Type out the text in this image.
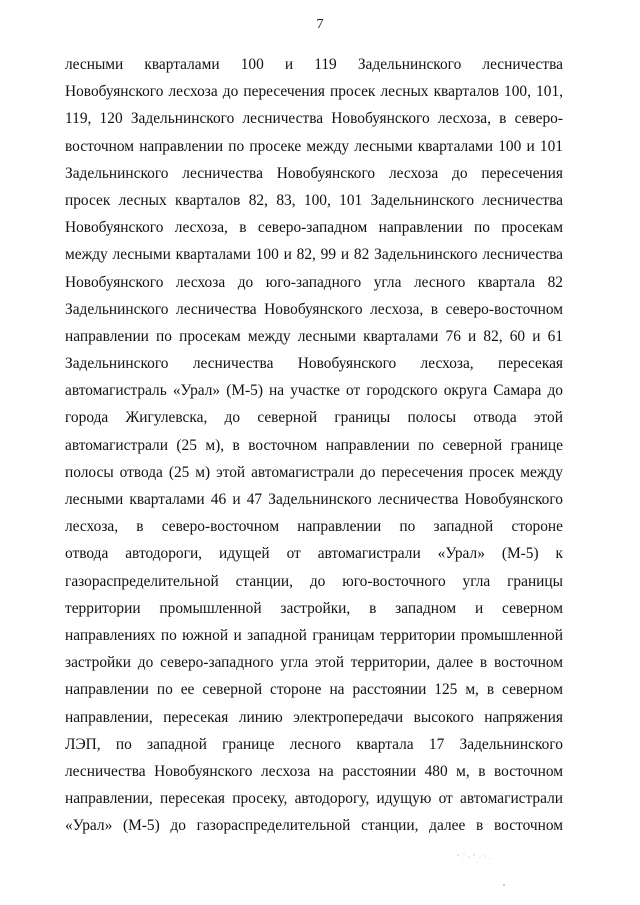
7
лесными кварталами 100 и 119 Задельнинского лесничества
Новобуянского лесхоза до пересечения просек лесных кварталов 100, 101,
119, 120 Задельнинского лесничества Новобуянского лесхоза, в северо-
восточном направлении по просеке между лесными кварталами 100 и 101
Задельнинского лесничества Новобуянского лесхоза до пересечения
просек лесных кварталов 82, 83, 100, 101 Задельнинского лесничества
Новобуянского лесхоза, в северо-западном направлении по просекам
между лесными кварталами 100 и 82, 99 и 82 Задельнинского лесничества
Новобуянского лесхоза до юго-западного угла лесного квартала 82
Задельнинского лесничества Новобуянского лесхоза, в северо-восточном
направлении по просекам между лесными кварталами 76 и 82, 60 и 61
Задельнинского лесничества Новобуянского лесхоза, пересекая
автомагистраль «Урал» (М-5) на участке от городского округа Самара до
города Жигулевска, до северной границы полосы отвода этой
автомагистрали (25 м), в восточном направлении по северной границе
полосы отвода (25 м) этой автомагистрали до пересечения просек между
лесными кварталами 46 и 47 Задельнинского лесничества Новобуянского
лесхоза, в северо-восточном направлении по западной стороне
отвода автодороги, идущей от автомагистрали «Урал» (М-5) к
газораспределительной станции, до юго-восточного угла границы
территории промышленной застройки, в западном и северном
направлениях по южной и западной границам территории промышленной
застройки до северо-западного угла этой территории, далее в восточном
направлении по ее северной стороне на расстоянии 125 м, в северном
направлении, пересекая линию электропередачи высокого напряжения
ЛЭП, по западной границе лесного квартала 17 Задельнинского
лесничества Новобуянского лесхоза на расстоянии 480 м, в восточном
направлении, пересекая просеку, автодорогу, идущую от автомагистрали
«Урал» (М-5) до газораспределительной станции, далее в восточном
